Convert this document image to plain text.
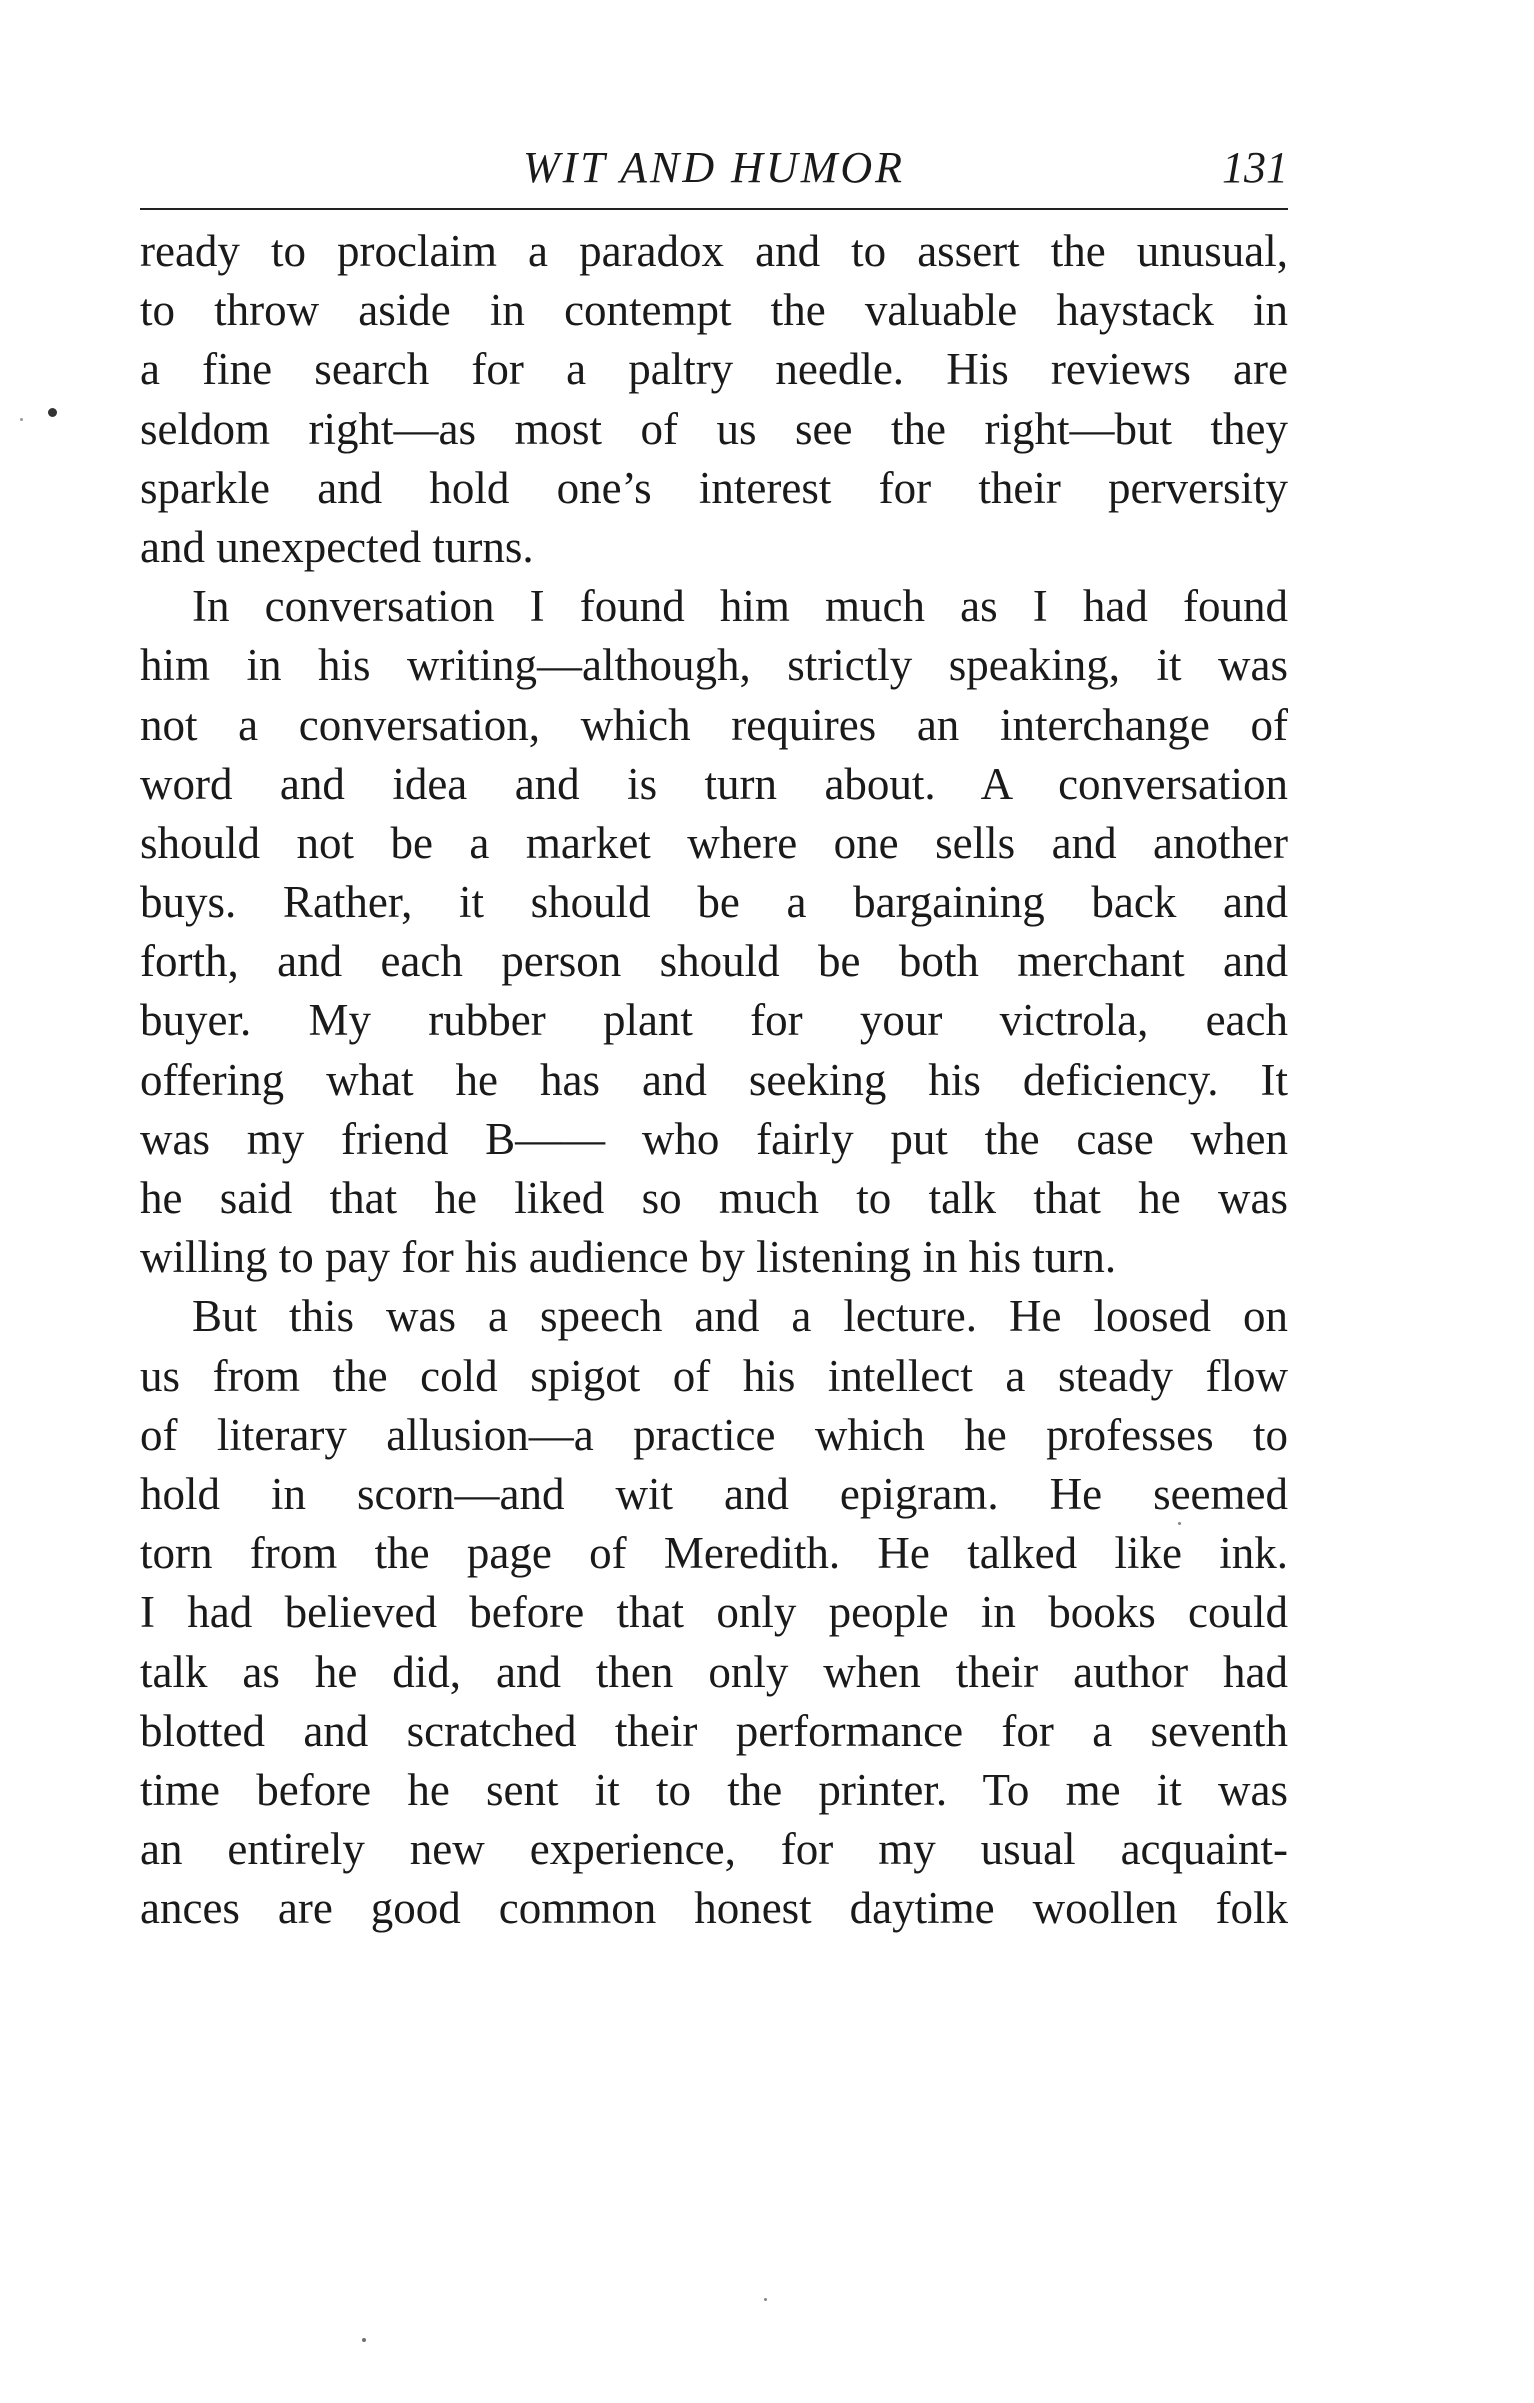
WIT AND HUMOR	131
ready to proclaim a paradox and to assert the unusual,
to throw aside in contempt the valuable haystack in
a fine search for a paltry needle. His reviews are
seldom right—as most of us see the right—but they
sparkle and hold one’s interest for their perversity
and unexpected turns.
In conversation I found him much as I had found
him in his writing—although, strictly speaking, it was
not a conversation, which requires an interchange of
word and idea and is turn about. A conversation
should not be a market where one sells and another
buys. Rather, it should be a bargaining back and
forth, and each person should be both merchant and
buyer. My rubber plant for your victrola, each
offering what he has and seeking his deficiency. It
was my friend B—— who fairly put the case when
he said that he liked so much to talk that he was
willing to pay for his audience by listening in his turn.
But this was a speech and a lecture. He loosed on
us from the cold spigot of his intellect a steady flow
of literary allusion—a practice which he professes to
hold in scorn—and wit and epigram. He seemed
torn from the page of Meredith. He talked like ink.
I had believed before that only people in books could
talk as he did, and then only when their author had
blotted and scratched their performance for a seventh
time before he sent it to the printer. To me it was
an entirely new experience, for my usual acquaint-
ances are good common honest daytime woollen folk
